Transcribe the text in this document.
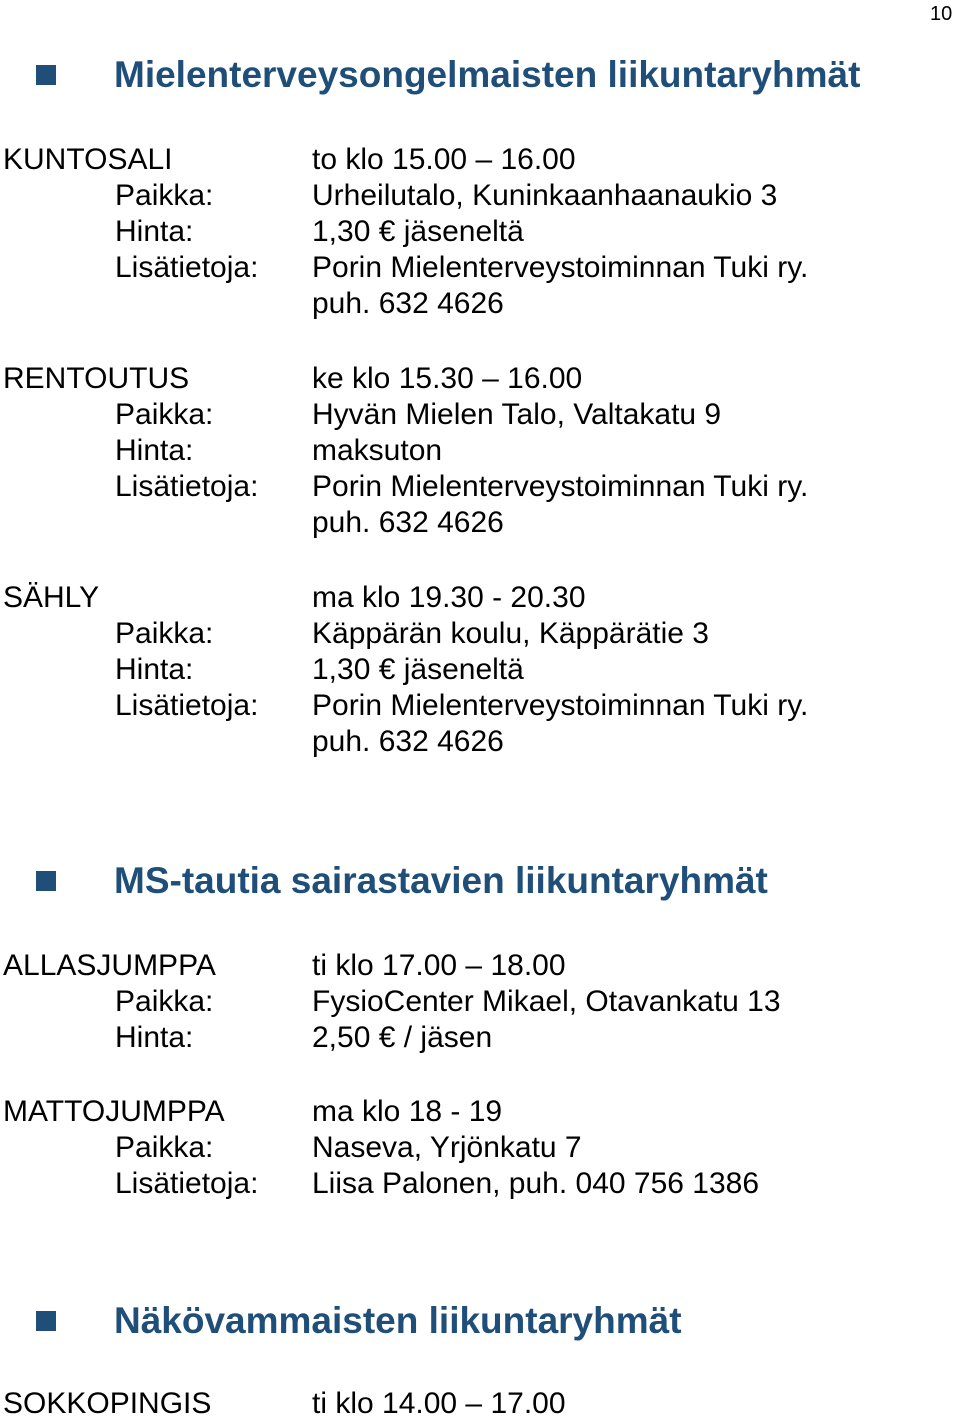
10
Mielenterveysongelmaisten liikuntaryhmät
KUNTOSALI	to klo 15.00 – 16.00
Paikka:	Urheilutalo, Kuninkaanhaanaukio 3
Hinta:	1,30 € jäseneltä
Lisätietoja: Porin Mielenterveystoiminnan Tuki ry.
puh. 632 4626
RENTOUTUS	ke klo 15.30 – 16.00
Paikka:	Hyvän Mielen Talo, Valtakatu 9
Hinta:	maksuton
Lisätietoja: Porin Mielenterveystoiminnan Tuki ry.
puh. 632 4626
SÄHLY	ma klo 19.30 - 20.30
Paikka:	Käppärän koulu, Käppärätie 3
Hinta:	1,30 € jäseneltä
Lisätietoja: Porin Mielenterveystoiminnan Tuki ry.
puh. 632 4626
MS-tautia sairastavien liikuntaryhmät
ALLASJUMPPA	ti klo 17.00 – 18.00
Paikka:	FysioCenter Mikael, Otavankatu 13
Hinta:	2,50 € / jäsen
MATTOJUMPPA	ma klo 18 - 19
Paikka:	Naseva, Yrjönkatu 7
Lisätietoja: Liisa Palonen, puh. 040 756 1386
Näkövammaisten liikuntaryhmät
SOKKOPINGIS	ti klo 14.00 – 17.00
